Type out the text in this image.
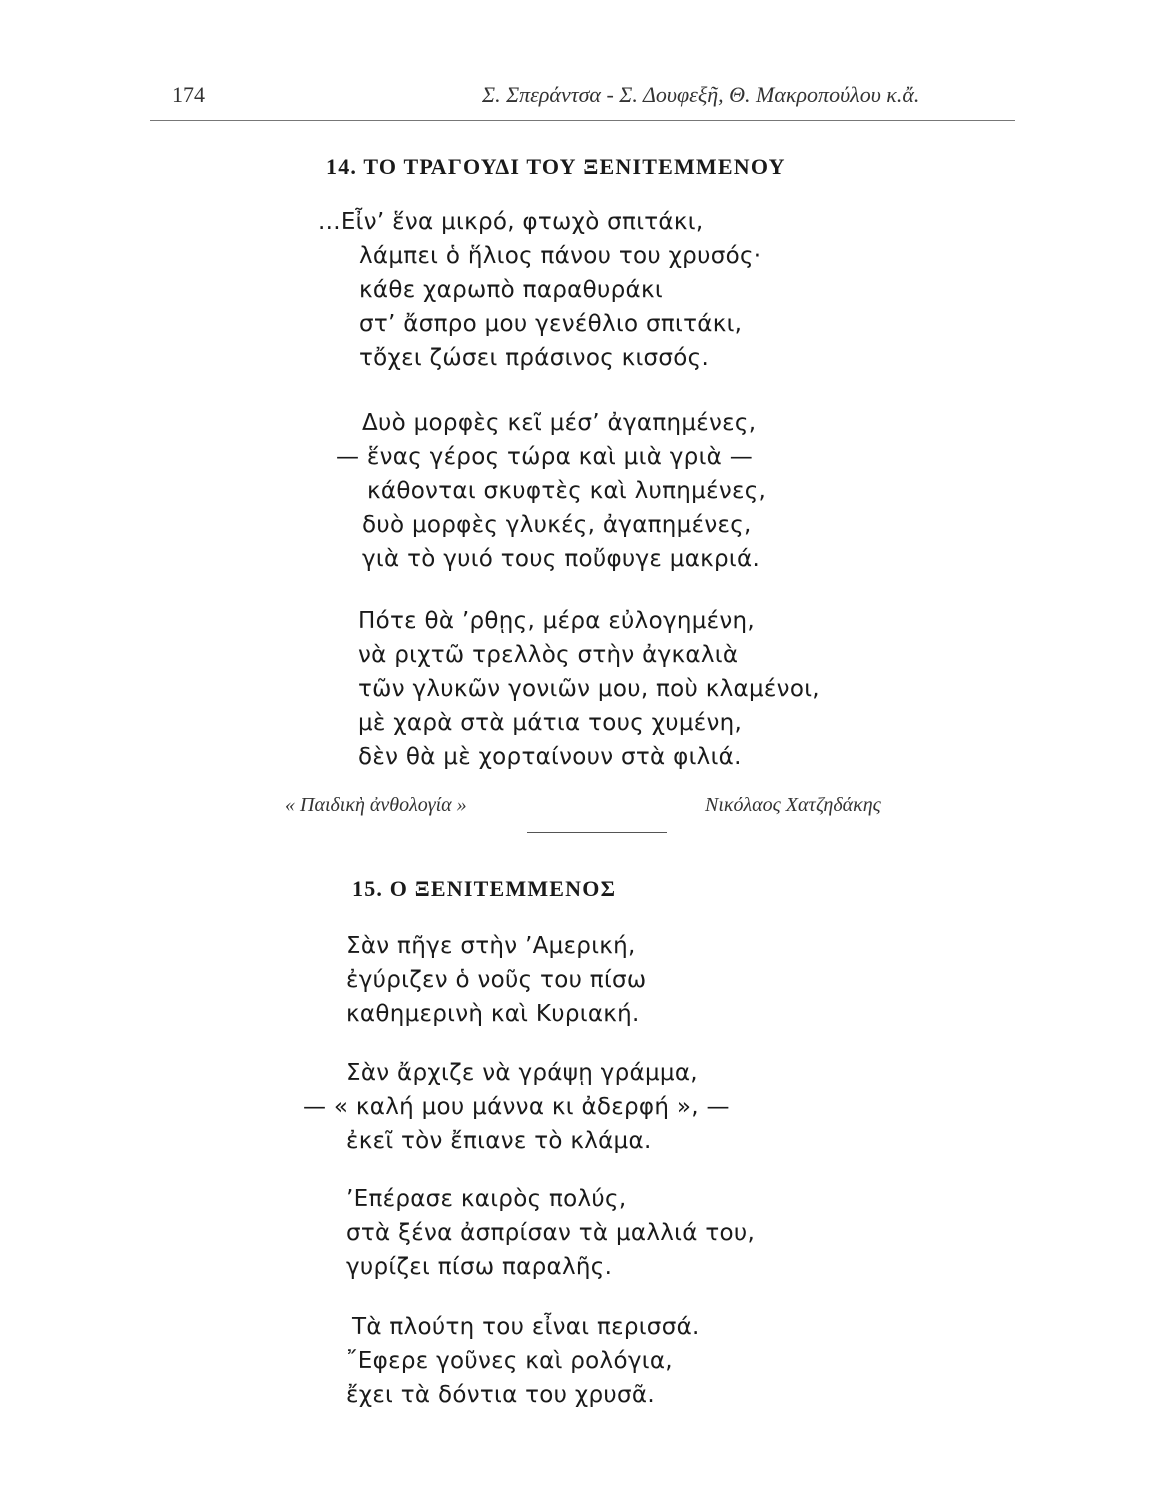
174	Σ. Σπεράντσα - Σ. Δουφεξῆ, Θ. Μακροπούλου κ.ἄ.
14. ΤΟ ΤΡΑΓΟΥΔΙ ΤΟΥ ΞΕΝΙΤΕΜΜΕΝΟΥ
...Εἶν’ ἕνα μικρό, φτωχὸ σπιτάκι,
λάμπει ὁ ἥλιος πάνου του χρυσός·
κάθε χαρωπὸ παραθυράκι
στ’ ἄσπρο μου γενέθλιο σπιτάκι,
τὄχει ζώσει πράσινος κισσός.
Δυὸ μορφὲς κεῖ μέσ’ ἀγαπημένες,
— ἕνας γέρος τώρα καὶ μιὰ γριὰ —
κάθονται σκυφτὲς καὶ λυπημένες,
δυὸ μορφὲς γλυκές, ἀγαπημένες,
γιὰ τὸ γυιό τους ποὔφυγε μακριά.
Πότε θὰ ’ρθῃς, μέρα εὐλογημένη,
νὰ ριχτῶ τρελλὸς στὴν ἀγκαλιὰ
τῶν γλυκῶν γονιῶν μου, ποὺ κλαμένοι,
μὲ χαρὰ στὰ μάτια τους χυμένη,
δὲν θὰ μὲ χορταίνουν στὰ φιλιά.
« Παιδικὴ ἀνθολογία »	Νικόλαος Χατζηδάκης
15. Ο ΞΕΝΙΤΕΜΜΕΝΟΣ
Σὰν πῆγε στὴν ’Αμερική,
ἐγύριζεν ὁ νοῦς του πίσω
καθημερινὴ καὶ Κυριακή.
Σὰν ἄρχιζε νὰ γράψῃ γράμμα,
— « καλή μου μάννα κι ἀδερφή », —
ἐκεῖ τὸν ἔπιανε τὸ κλάμα.
’Επέρασε καιρὸς πολύς,
στὰ ξένα ἀσπρίσαν τὰ μαλλιά του,
γυρίζει πίσω παραλῆς.
Τὰ πλούτη του εἶναι περισσά.
῎Εφερε γοῦνες καὶ ρολόγια,
ἔχει τὰ δόντια του χρυσᾶ.
